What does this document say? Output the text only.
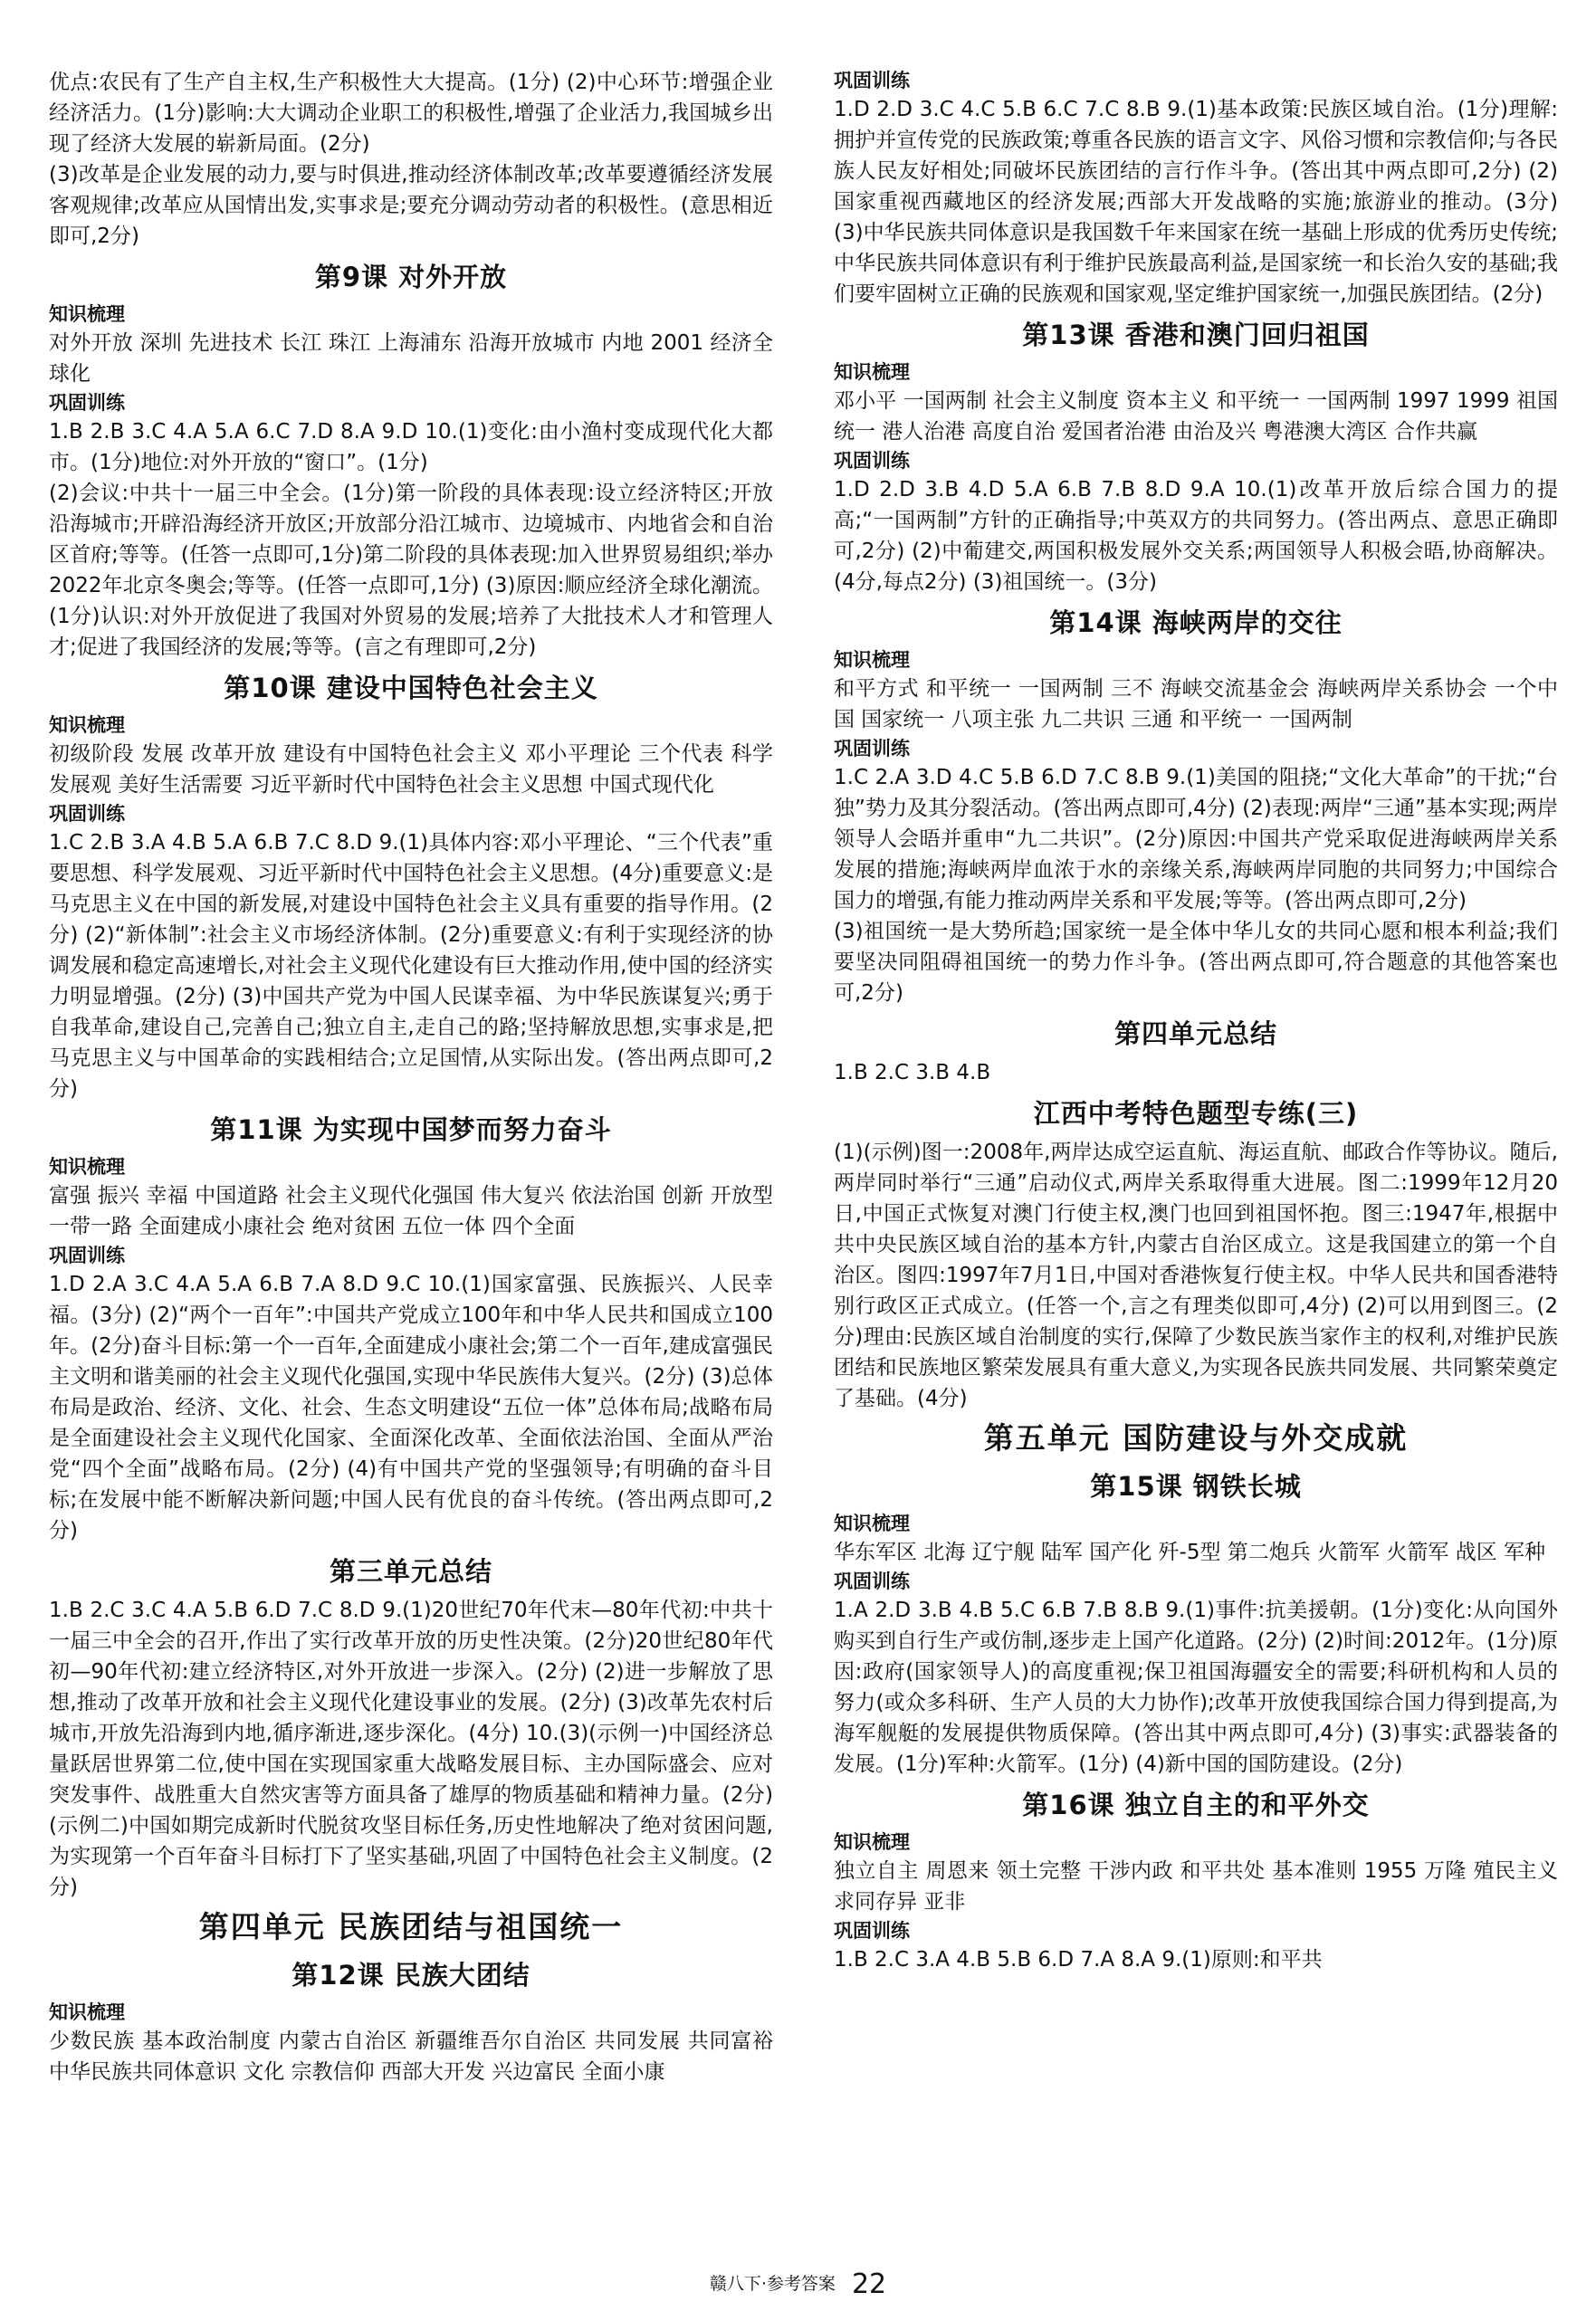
优点:农民有了生产自主权,生产积极性大大提高。(1分) (2)中心环节:增强企业经济活力。(1分)影响:大大调动企业职工的积极性,增强了企业活力,我国城乡出现了经济大发展的崭新局面。(2分)
(3)改革是企业发展的动力,要与时俱进,推动经济体制改革;改革要遵循经济发展客观规律;改革应从国情出发,实事求是;要充分调动劳动者的积极性。(意思相近即可,2分)
第9课 对外开放
知识梳理
对外开放 深圳 先进技术 长江 珠江 上海浦东 沿海开放城市 内地 2001 经济全球化
巩固训练
1.B 2.B 3.C 4.A 5.A 6.C 7.D 8.A 9.D 10.(1)变化:由小渔村变成现代化大都市。(1分)地位:对外开放的“窗口”。(1分)
(2)会议:中共十一届三中全会。(1分)第一阶段的具体表现:设立经济特区;开放沿海城市;开辟沿海经济开放区;开放部分沿江城市、边境城市、内地省会和自治区首府;等等。(任答一点即可,1分)第二阶段的具体表现:加入世界贸易组织;举办2022年北京冬奥会;等等。(任答一点即可,1分) (3)原因:顺应经济全球化潮流。(1分)认识:对外开放促进了我国对外贸易的发展;培养了大批技术人才和管理人才;促进了我国经济的发展;等等。(言之有理即可,2分)
第10课 建设中国特色社会主义
知识梳理
初级阶段 发展 改革开放 建设有中国特色社会主义 邓小平理论 三个代表 科学发展观 美好生活需要 习近平新时代中国特色社会主义思想 中国式现代化
巩固训练
1.C 2.B 3.A 4.B 5.A 6.B 7.C 8.D 9.(1)具体内容:邓小平理论、“三个代表”重要思想、科学发展观、习近平新时代中国特色社会主义思想。(4分)重要意义:是马克思主义在中国的新发展,对建设中国特色社会主义具有重要的指导作用。(2分) (2)“新体制”:社会主义市场经济体制。(2分)重要意义:有利于实现经济的协调发展和稳定高速增长,对社会主义现代化建设有巨大推动作用,使中国的经济实力明显增强。(2分) (3)中国共产党为中国人民谋幸福、为中华民族谋复兴;勇于自我革命,建设自己,完善自己;独立自主,走自己的路;坚持解放思想,实事求是,把马克思主义与中国革命的实践相结合;立足国情,从实际出发。(答出两点即可,2分)
第11课 为实现中国梦而努力奋斗
知识梳理
富强 振兴 幸福 中国道路 社会主义现代化强国 伟大复兴 依法治国 创新 开放型 一带一路 全面建成小康社会 绝对贫困 五位一体 四个全面
巩固训练
1.D 2.A 3.C 4.A 5.A 6.B 7.A 8.D 9.C 10.(1)国家富强、民族振兴、人民幸福。(3分) (2)“两个一百年”:中国共产党成立100年和中华人民共和国成立100年。(2分)奋斗目标:第一个一百年,全面建成小康社会;第二个一百年,建成富强民主文明和谐美丽的社会主义现代化强国,实现中华民族伟大复兴。(2分) (3)总体布局是政治、经济、文化、社会、生态文明建设“五位一体”总体布局;战略布局是全面建设社会主义现代化国家、全面深化改革、全面依法治国、全面从严治党“四个全面”战略布局。(2分) (4)有中国共产党的坚强领导;有明确的奋斗目标;在发展中能不断解决新问题;中国人民有优良的奋斗传统。(答出两点即可,2分)
第三单元总结
1.B 2.C 3.C 4.A 5.B 6.D 7.C 8.D 9.(1)20世纪70年代末—80年代初:中共十一届三中全会的召开,作出了实行改革开放的历史性决策。(2分)20世纪80年代初—90年代初:建立经济特区,对外开放进一步深入。(2分) (2)进一步解放了思想,推动了改革开放和社会主义现代化建设事业的发展。(2分) (3)改革先农村后城市,开放先沿海到内地,循序渐进,逐步深化。(4分) 10.(3)(示例一)中国经济总量跃居世界第二位,使中国在实现国家重大战略发展目标、主办国际盛会、应对突发事件、战胜重大自然灾害等方面具备了雄厚的物质基础和精神力量。(2分)(示例二)中国如期完成新时代脱贫攻坚目标任务,历史性地解决了绝对贫困问题,为实现第一个百年奋斗目标打下了坚实基础,巩固了中国特色社会主义制度。(2分)
第四单元 民族团结与祖国统一
第12课 民族大团结
知识梳理
少数民族 基本政治制度 内蒙古自治区 新疆维吾尔自治区 共同发展 共同富裕 中华民族共同体意识 文化 宗教信仰 西部大开发 兴边富民 全面小康
巩固训练
1.D 2.D 3.C 4.C 5.B 6.C 7.C 8.B 9.(1)基本政策:民族区域自治。(1分)理解:拥护并宣传党的民族政策;尊重各民族的语言文字、风俗习惯和宗教信仰;与各民族人民友好相处;同破坏民族团结的言行作斗争。(答出其中两点即可,2分) (2)国家重视西藏地区的经济发展;西部大开发战略的实施;旅游业的推动。(3分) (3)中华民族共同体意识是我国数千年来国家在统一基础上形成的优秀历史传统;中华民族共同体意识有利于维护民族最高利益,是国家统一和长治久安的基础;我们要牢固树立正确的民族观和国家观,坚定维护国家统一,加强民族团结。(2分)
第13课 香港和澳门回归祖国
知识梳理
邓小平 一国两制 社会主义制度 资本主义 和平统一 一国两制 1997 1999 祖国统一 港人治港 高度自治 爱国者治港 由治及兴 粤港澳大湾区 合作共赢
巩固训练
1.D 2.D 3.B 4.D 5.A 6.B 7.B 8.D 9.A 10.(1)改革开放后综合国力的提高;“一国两制”方针的正确指导;中英双方的共同努力。(答出两点、意思正确即可,2分) (2)中葡建交,两国积极发展外交关系;两国领导人积极会晤,协商解决。(4分,每点2分) (3)祖国统一。(3分)
第14课 海峡两岸的交往
知识梳理
和平方式 和平统一 一国两制 三不 海峡交流基金会 海峡两岸关系协会 一个中国 国家统一 八项主张 九二共识 三通 和平统一 一国两制
巩固训练
1.C 2.A 3.D 4.C 5.B 6.D 7.C 8.B 9.(1)美国的阻挠;“文化大革命”的干扰;“台独”势力及其分裂活动。(答出两点即可,4分) (2)表现:两岸“三通”基本实现;两岸领导人会晤并重申“九二共识”。(2分)原因:中国共产党采取促进海峡两岸关系发展的措施;海峡两岸血浓于水的亲缘关系,海峡两岸同胞的共同努力;中国综合国力的增强,有能力推动两岸关系和平发展;等等。(答出两点即可,2分)
(3)祖国统一是大势所趋;国家统一是全体中华儿女的共同心愿和根本利益;我们要坚决同阻碍祖国统一的势力作斗争。(答出两点即可,符合题意的其他答案也可,2分)
第四单元总结
1.B 2.C 3.B 4.B
江西中考特色题型专练(三)
(1)(示例)图一:2008年,两岸达成空运直航、海运直航、邮政合作等协议。随后,两岸同时举行“三通”启动仪式,两岸关系取得重大进展。图二:1999年12月20日,中国正式恢复对澳门行使主权,澳门也回到祖国怀抱。图三:1947年,根据中共中央民族区域自治的基本方针,内蒙古自治区成立。这是我国建立的第一个自治区。图四:1997年7月1日,中国对香港恢复行使主权。中华人民共和国香港特别行政区正式成立。(任答一个,言之有理类似即可,4分) (2)可以用到图三。(2分)理由:民族区域自治制度的实行,保障了少数民族当家作主的权利,对维护民族团结和民族地区繁荣发展具有重大意义,为实现各民族共同发展、共同繁荣奠定了基础。(4分)
第五单元 国防建设与外交成就
第15课 钢铁长城
知识梳理
华东军区 北海 辽宁舰 陆军 国产化 歼-5型 第二炮兵 火箭军 火箭军 战区 军种
巩固训练
1.A 2.D 3.B 4.B 5.C 6.B 7.B 8.B 9.(1)事件:抗美援朝。(1分)变化:从向国外购买到自行生产或仿制,逐步走上国产化道路。(2分) (2)时间:2012年。(1分)原因:政府(国家领导人)的高度重视;保卫祖国海疆安全的需要;科研机构和人员的努力(或众多科研、生产人员的大力协作);改革开放使我国综合国力得到提高,为海军舰艇的发展提供物质保障。(答出其中两点即可,4分) (3)事实:武器装备的发展。(1分)军种:火箭军。(1分) (4)新中国的国防建设。(2分)
第16课 独立自主的和平外交
知识梳理
独立自主 周恩来 领土完整 干涉内政 和平共处 基本准则 1955 万隆 殖民主义 求同存异 亚非
巩固训练
1.B 2.C 3.A 4.B 5.B 6.D 7.A 8.A 9.(1)原则:和平共
赣八下·参考答案 22
